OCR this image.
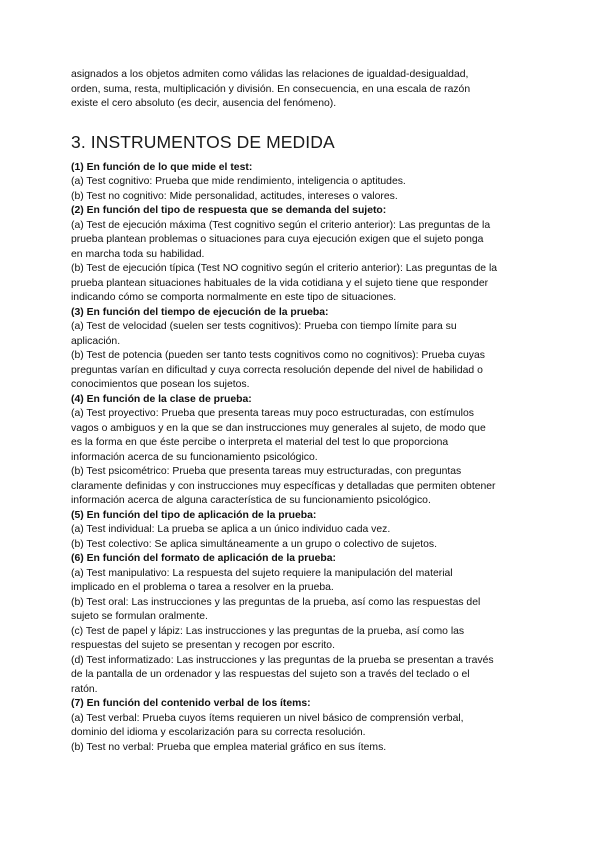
asignados a los objetos admiten como válidas las relaciones de igualdad-desigualdad,

orden, suma, resta, multiplicación y división. En consecuencia, en una escala de razón

existe el cero absoluto (es decir, ausencia del fenómeno).

3. INSTRUMENTOS DE MEDIDA

(1) En función de lo que mide el test:

(a) Test cognitivo: Prueba que mide rendimiento, inteligencia o aptitudes.

(b) Test no cognitivo: Mide personalidad, actitudes, intereses o valores.

(2) En función del tipo de respuesta que se demanda del sujeto:

(a) Test de ejecución máxima (Test cognitivo según el criterio anterior): Las preguntas de la

prueba plantean problemas o situaciones para cuya ejecución exigen que el sujeto ponga

en marcha toda su habilidad.

(b) Test de ejecución típica (Test NO cognitivo según el criterio anterior): Las preguntas de la

prueba plantean situaciones habituales de la vida cotidiana y el sujeto tiene que responder

indicando cómo se comporta normalmente en este tipo de situaciones.

(3) En función del tiempo de ejecución de la prueba:

(a) Test de velocidad (suelen ser tests cognitivos): Prueba con tiempo límite para su

aplicación.

(b) Test de potencia (pueden ser tanto tests cognitivos como no cognitivos): Prueba cuyas

preguntas varían en dificultad y cuya correcta resolución depende del nivel de habilidad o

conocimientos que posean los sujetos.

(4) En función de la clase de prueba:

(a) Test proyectivo: Prueba que presenta tareas muy poco estructuradas, con estímulos

vagos o ambiguos y en la que se dan instrucciones muy generales al sujeto, de modo que

es la forma en que éste percibe o interpreta el material del test lo que proporciona

información acerca de su funcionamiento psicológico.

(b) Test psicométrico: Prueba que presenta tareas muy estructuradas, con preguntas

claramente definidas y con instrucciones muy específicas y detalladas que permiten obtener

información acerca de alguna característica de su funcionamiento psicológico.

(5) En función del tipo de aplicación de la prueba:

(a) Test individual: La prueba se aplica a un único individuo cada vez.

(b) Test colectivo: Se aplica simultáneamente a un grupo o colectivo de sujetos.

(6) En función del formato de aplicación de la prueba:

(a) Test manipulativo: La respuesta del sujeto requiere la manipulación del material

implicado en el problema o tarea a resolver en la prueba.

(b) Test oral: Las instrucciones y las preguntas de la prueba, así como las respuestas del

sujeto se formulan oralmente.

(c) Test de papel y lápiz: Las instrucciones y las preguntas de la prueba, así como las

respuestas del sujeto se presentan y recogen por escrito.

(d) Test informatizado: Las instrucciones y las preguntas de la prueba se presentan a través

de la pantalla de un ordenador y las respuestas del sujeto son a través del teclado o el

ratón.

(7) En función del contenido verbal de los ítems:

(a) Test verbal: Prueba cuyos ítems requieren un nivel básico de comprensión verbal,

dominio del idioma y escolarización para su correcta resolución.

(b) Test no verbal: Prueba que emplea material gráfico en sus ítems.
